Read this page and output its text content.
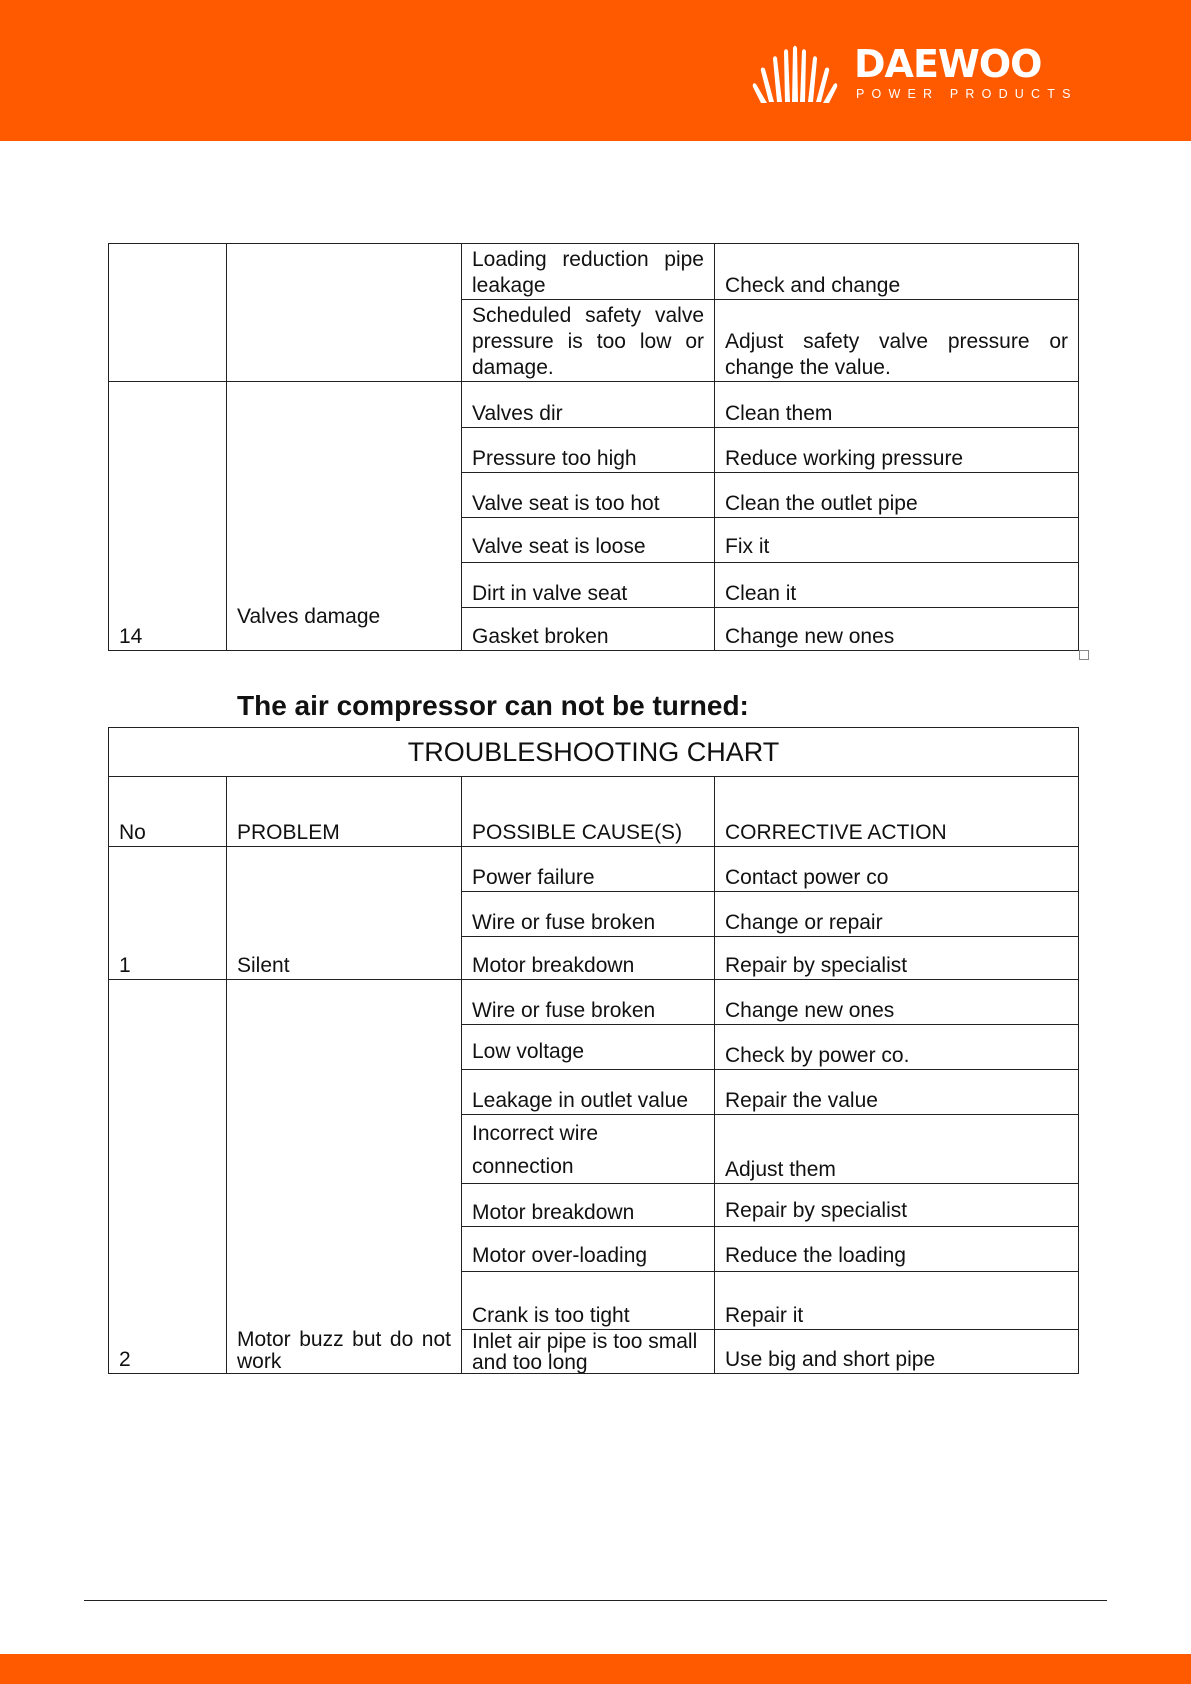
DAEWOO
POWER PRODUCTS
		Loading reduction pipe leakage	Check and change
		Scheduled safety valve pressure is too low or damage.	Adjust safety valve pressure or change the value.
14	Valves damage	Valves dir	Clean them
		Pressure too high	Reduce working pressure
		Valve seat is too hot	Clean the outlet pipe
		Valve seat is loose	Fix it
		Dirt in valve seat	Clean it
		Gasket broken	Change new ones
The air compressor can not be turned:
TROUBLESHOOTING CHART			
No	PROBLEM	POSSIBLE CAUSE(S)	CORRECTIVE ACTION
1	Silent	Power failure	Contact power co
		Wire or fuse broken	Change or repair
		Motor breakdown	Repair by specialist
2	Motor buzz but do not work	Wire or fuse broken	Change new ones
		Low voltage	Check by power co.
		Leakage in outlet value	Repair the value
		Incorrect wire connection	Adjust them
		Motor breakdown	Repair by specialist
		Motor over-loading	Reduce the loading
		Crank is too tight	Repair it
		Inlet air pipe is too small and too long	Use big and short pipe
